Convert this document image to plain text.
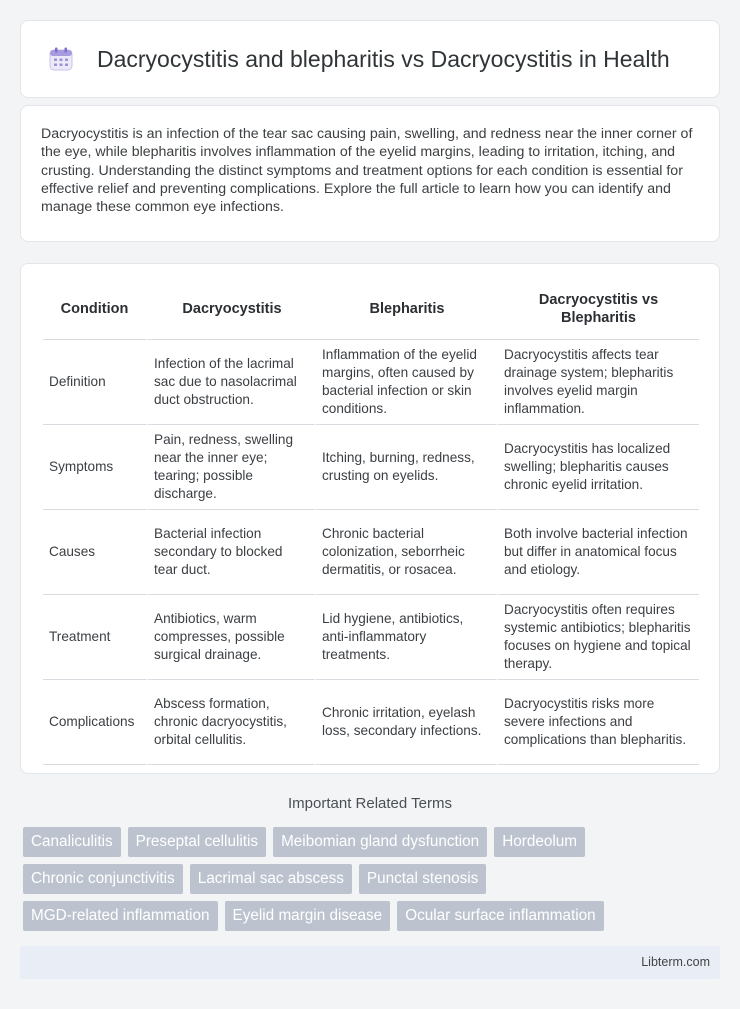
Dacryocystitis and blepharitis vs Dacryocystitis in Health

Dacryocystitis is an infection of the tear sac causing pain, swelling, and redness near the inner corner of the eye, while blepharitis involves inflammation of the eyelid margins, leading to irritation, itching, and crusting. Understanding the distinct symptoms and treatment options for each condition is essential for effective relief and preventing complications. Explore the full article to learn how you can identify and manage these common eye infections.

Condition	Dacryocystitis	Blepharitis	Dacryocystitis vs Blepharitis
Definition	Infection of the lacrimal sac due to nasolacrimal duct obstruction.	Inflammation of the eyelid margins, often caused by bacterial infection or skin conditions.	Dacryocystitis affects tear drainage system; blepharitis involves eyelid margin inflammation.
Symptoms	Pain, redness, swelling near the inner eye; tearing; possible discharge.	Itching, burning, redness, crusting on eyelids.	Dacryocystitis has localized swelling; blepharitis causes chronic eyelid irritation.
Causes	Bacterial infection secondary to blocked tear duct.	Chronic bacterial colonization, seborrheic dermatitis, or rosacea.	Both involve bacterial infection but differ in anatomical focus and etiology.
Treatment	Antibiotics, warm compresses, possible surgical drainage.	Lid hygiene, antibiotics, anti-inflammatory treatments.	Dacryocystitis often requires systemic antibiotics; blepharitis focuses on hygiene and topical therapy.
Complications	Abscess formation, chronic dacryocystitis, orbital cellulitis.	Chronic irritation, eyelash loss, secondary infections.	Dacryocystitis risks more severe infections and complications than blepharitis.
Important Related Terms
Canaliculitis	Preseptal cellulitis	Meibomian gland dysfunction	Hordeolum
Chronic conjunctivitis	Lacrimal sac abscess	Punctal stenosis
MGD-related inflammation	Eyelid margin disease	Ocular surface inflammation
Libterm.com
